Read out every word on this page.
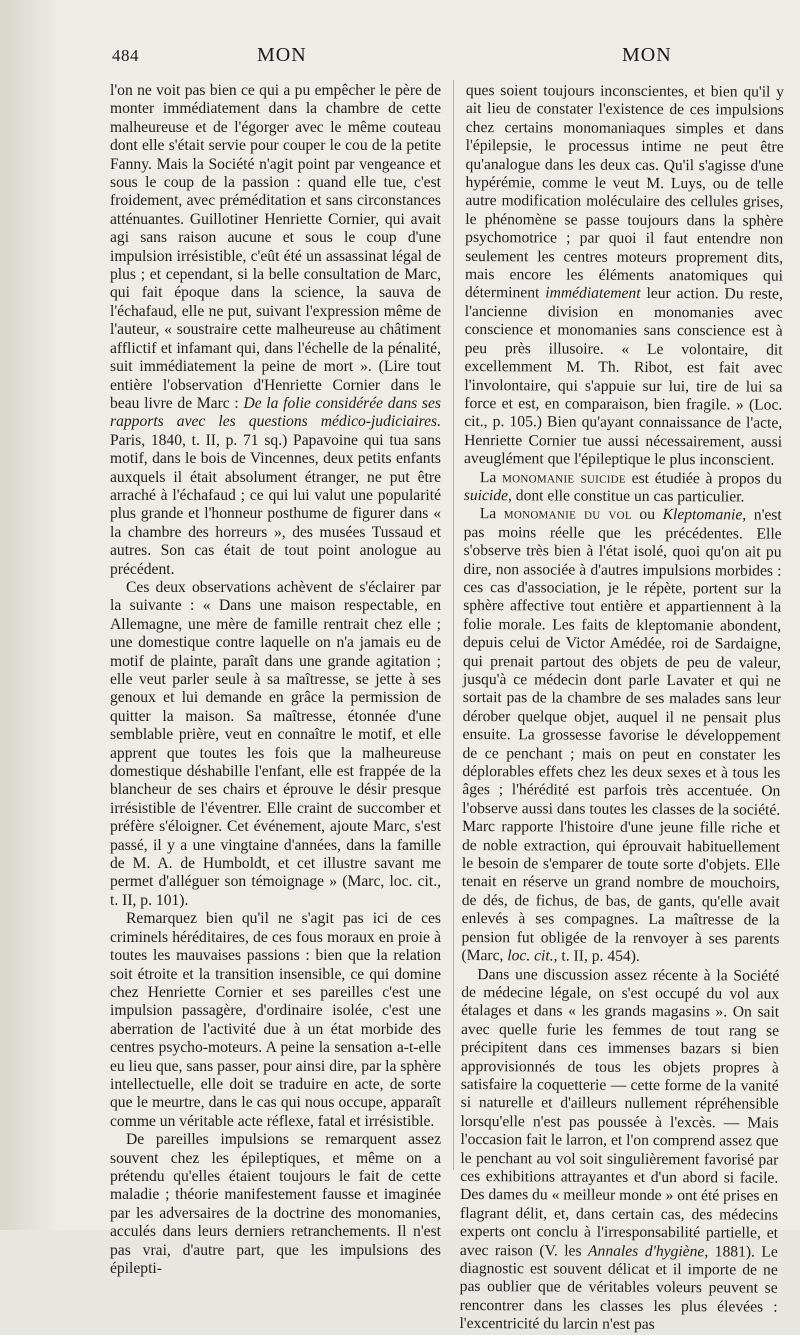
484	MON	MON

l'on ne voit pas bien ce qui a pu empêcher le père de monter immédiatement dans la chambre de cette malheureuse et de l'égorger avec le même couteau dont elle s'était servie pour couper le cou de la petite Fanny. Mais la Société n'agit point par vengeance et sous le coup de la passion : quand elle tue, c'est froidement, avec préméditation et sans circonstances atténuantes. Guillotiner Henriette Cornier, qui avait agi sans raison aucune et sous le coup d'une impulsion irrésistible, c'eût été un assassinat légal de plus ; et cependant, si la belle consultation de Marc, qui fait époque dans la science, la sauva de l'échafaud, elle ne put, suivant l'expression même de l'auteur, « soustraire cette malheureuse au châtiment afflictif et infamant qui, dans l'échelle de la pénalité, suit immédiatement la peine de mort ». (Lire tout entière l'observation d'Henriette Cornier dans le beau livre de Marc : De la folie considérée dans ses rapports avec les questions médico-judiciaires. Paris, 1840, t. II, p. 71 sq.) Papavoine qui tua sans motif, dans le bois de Vincennes, deux petits enfants auxquels il était absolument étranger, ne put être arraché à l'échafaud ; ce qui lui valut une popularité plus grande et l'honneur posthume de figurer dans « la chambre des horreurs », des musées Tussaud et autres. Son cas était de tout point anologue au précédent.

Ces deux observations achèvent de s'éclairer par la suivante : « Dans une maison respectable, en Allemagne, une mère de famille rentrait chez elle ; une domestique contre laquelle on n'a jamais eu de motif de plainte, paraît dans une grande agitation ; elle veut parler seule à sa maîtresse, se jette à ses genoux et lui demande en grâce la permission de quitter la maison. Sa maîtresse, étonnée d'une semblable prière, veut en connaître le motif, et elle apprent que toutes les fois que la malheureuse domestique déshabille l'enfant, elle est frappée de la blancheur de ses chairs et éprouve le désir presque irrésistible de l'éventrer. Elle craint de succomber et préfère s'éloigner. Cet événement, ajoute Marc, s'est passé, il y a une vingtaine d'années, dans la famille de M. A. de Humboldt, et cet illustre savant me permet d'alléguer son témoignage » (Marc, loc. cit., t. II, p. 101).

Remarquez bien qu'il ne s'agit pas ici de ces criminels héréditaires, de ces fous moraux en proie à toutes les mauvaises passions : bien que la relation soit étroite et la transition insensible, ce qui domine chez Henriette Cornier et ses pareilles c'est une impulsion passagère, d'ordinaire isolée, c'est une aberration de l'activité due à un état morbide des centres psycho-moteurs. A peine la sensation a-t-elle eu lieu que, sans passer, pour ainsi dire, par la sphère intellectuelle, elle doit se traduire en acte, de sorte que le meurtre, dans le cas qui nous occupe, apparaît comme un véritable acte réflexe, fatal et irrésistible.

De pareilles impulsions se remarquent assez souvent chez les épileptiques, et même on a prétendu qu'elles étaient toujours le fait de cette maladie ; théorie manifestement fausse et imaginée par les adversaires de la doctrine des monomanies, acculés dans leurs derniers retranchements. Il n'est pas vrai, d'autre part, que les impulsions des épilepti-

ques soient toujours inconscientes, et bien qu'il y ait lieu de constater l'existence de ces impulsions chez certains monomaniaques simples et dans l'épilepsie, le processus intime ne peut être qu'analogue dans les deux cas. Qu'il s'agisse d'une hypérémie, comme le veut M. Luys, ou de telle autre modification moléculaire des cellules grises, le phénomène se passe toujours dans la sphère psychomotrice ; par quoi il faut entendre non seulement les centres moteurs proprement dits, mais encore les éléments anatomiques qui déterminent immédiatement leur action. Du reste, l'ancienne division en monomanies avec conscience et monomanies sans conscience est à peu près illusoire. « Le volontaire, dit excellemment M. Th. Ribot, est fait avec l'involontaire, qui s'appuie sur lui, tire de lui sa force et est, en comparaison, bien fragile. » (Loc. cit., p. 105.) Bien qu'ayant connaissance de l'acte, Henriette Cornier tue aussi nécessairement, aussi aveuglément que l'épileptique le plus inconscient.

La monomanie suicide est étudiée à propos du suicide, dont elle constitue un cas particulier.

La monomanie du vol ou Kleptomanie, n'est pas moins réelle que les précédentes. Elle s'observe très bien à l'état isolé, quoi qu'on ait pu dire, non associée à d'autres impulsions morbides : ces cas d'association, je le répète, portent sur la sphère affective tout entière et appartiennent à la folie morale. Les faits de kleptomanie abondent, depuis celui de Victor Amédée, roi de Sardaigne, qui prenait partout des objets de peu de valeur, jusqu'à ce médecin dont parle Lavater et qui ne sortait pas de la chambre de ses malades sans leur dérober quelque objet, auquel il ne pensait plus ensuite. La grossesse favorise le développement de ce penchant ; mais on peut en constater les déplorables effets chez les deux sexes et à tous les âges ; l'hérédité est parfois très accentuée. On l'observe aussi dans toutes les classes de la société. Marc rapporte l'histoire d'une jeune fille riche et de noble extraction, qui éprouvait habituellement le besoin de s'emparer de toute sorte d'objets. Elle tenait en réserve un grand nombre de mouchoirs, de dés, de fichus, de bas, de gants, qu'elle avait enlevés à ses compagnes. La maîtresse de la pension fut obligée de la renvoyer à ses parents (Marc, loc. cit., t. II, p. 454).

Dans une discussion assez récente à la Société de médecine légale, on s'est occupé du vol aux étalages et dans « les grands magasins ». On sait avec quelle furie les femmes de tout rang se précipitent dans ces immenses bazars si bien approvisionnés de tous les objets propres à satisfaire la coquetterie — cette forme de la vanité si naturelle et d'ailleurs nullement répréhensible lorsqu'elle n'est pas poussée à l'excès. — Mais l'occasion fait le larron, et l'on comprend assez que le penchant au vol soit singulièrement favorisé par ces exhibitions attrayantes et d'un abord si facile. Des dames du « meilleur monde » ont été prises en flagrant délit, et, dans certain cas, des médecins experts ont conclu à l'irresponsabilité partielle, et avec raison (V. les Annales d'hygiène, 1881). Le diagnostic est souvent délicat et il importe de ne pas oublier que de véritables voleurs peuvent se rencontrer dans les classes les plus élevées : l'excentricité du larcin n'est pas
